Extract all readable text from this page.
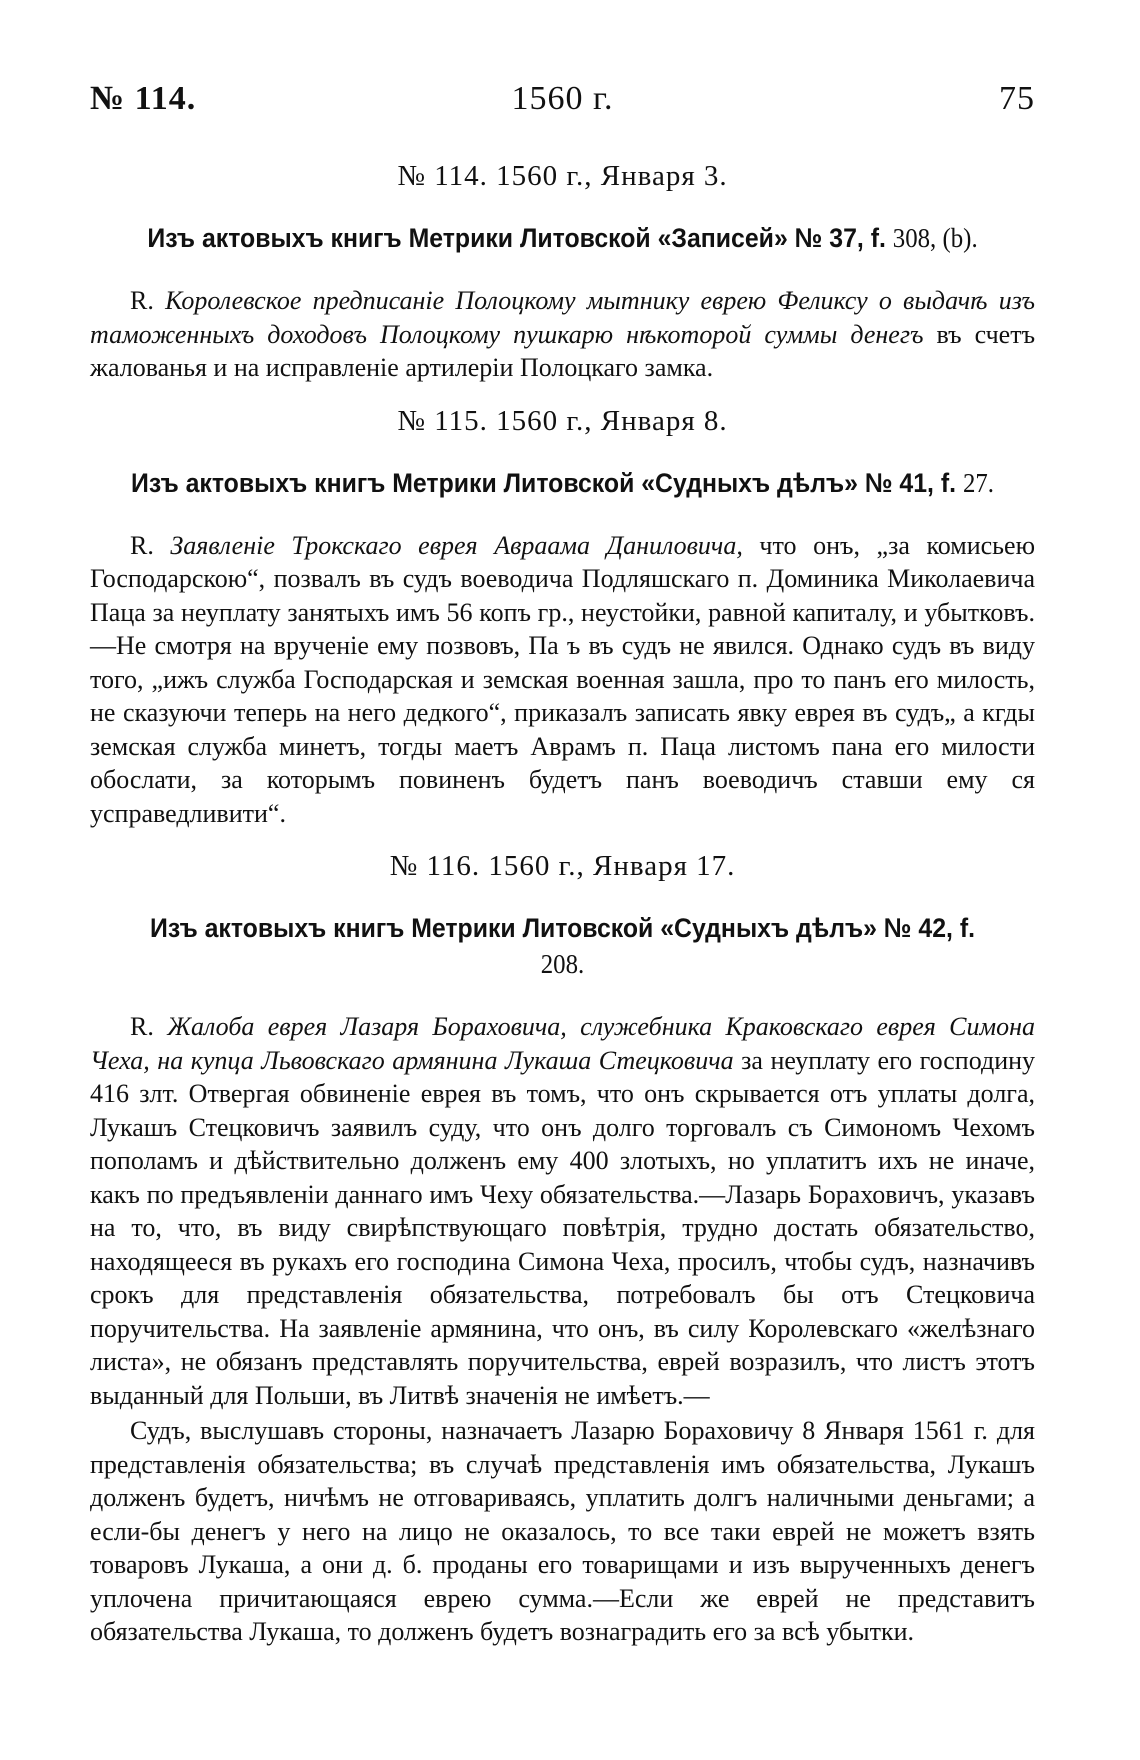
№ 114.	1560 г.	75
№ 114. 1560 г., Января 3.
Изъ актовыхъ книгъ Метрики Литовской «Записей» № 37, f. 308, (b).

R. Королевское предписаніе Полоцкому мытнику еврею Феликсу о выдачѣ изъ таможенныхъ доходовъ Полоцкому пушкарю нѣкоторой суммы денегъ въ счетъ жалованья и на исправленіе артилеріи Полоцкаго замка.

№ 115. 1560 г., Января 8.
Изъ актовыхъ книгъ Метрики Литовской «Судныхъ дѣлъ» № 41, f. 27.

R. Заявленіе Трокскаго еврея Авраама Даниловича, что онъ, „за комисьею Господарскою“, позвалъ въ судъ воеводича Подляшскаго п. Доминика Миколаевича Паца за неуплату занятыхъ имъ 56 копъ гр., неустойки, равной капиталу, и убытковъ.—Не смотря на врученіе ему позвовъ, Па ъ въ судъ не явился. Однако судъ въ виду того, „ижъ служба Господарская и земская военная зашла, про то панъ его милость, не сказуючи теперь на него дедкого“, приказалъ записать явку еврея въ судъ„ а кгды земская служба минетъ, тогды маетъ Аврамъ п. Паца листомъ пана его милости обослати, за которымъ повиненъ будетъ панъ воеводичъ ставши ему ся усправедливити“.

№ 116. 1560 г., Января 17.
Изъ актовыхъ книгъ Метрики Литовской «Судныхъ дѣлъ» № 42, f. 208.

R. Жалоба еврея Лазаря Бораховича, служебника Краковскаго еврея Симона Чеха, на купца Львовскаго армянина Лукаша Стецковича за неуплату его господину 416 злт. Отвергая обвиненіе еврея въ томъ, что онъ скрывается отъ уплаты долга, Лукашъ Стецковичъ заявилъ суду, что онъ долго торговалъ съ Симономъ Чехомъ пополамъ и дѣйствительно долженъ ему 400 злотыхъ, но уплатитъ ихъ не иначе, какъ по предъявленіи даннаго имъ Чеху обязательства.—Лазарь Бораховичъ, указавъ на то, что, въ виду свирѣпствующаго повѣтрія, трудно достать обязательство, находящееся въ рукахъ его господина Симона Чеха, просилъ, чтобы судъ, назначивъ срокъ для представленія обязательства, потребовалъ бы отъ Стецковича поручительства. На заявленіе армянина, что онъ, въ силу Королевскаго «желѣзнаго листа», не обязанъ представлять поручительства, еврей возразилъ, что листъ этотъ выданный для Польши, въ Литвѣ значенія не имѣетъ.—

Судъ, выслушавъ стороны, назначаетъ Лазарю Бораховичу 8 Января 1561 г. для представленія обязательства; въ случаѣ представленія имъ обязательства, Лукашъ долженъ будетъ, ничѣмъ не отговариваясь, уплатить долгъ наличными деньгами; а если-бы денегъ у него на лицо не оказалось, то все таки еврей не можетъ взять товаровъ Лукаша, а они д. б. проданы его товарищами и изъ вырученныхъ денегъ уплочена причитающаяся еврею сумма.—Если же еврей не представитъ обязательства Лукаша, то долженъ будетъ вознаградить его за всѣ убытки.
